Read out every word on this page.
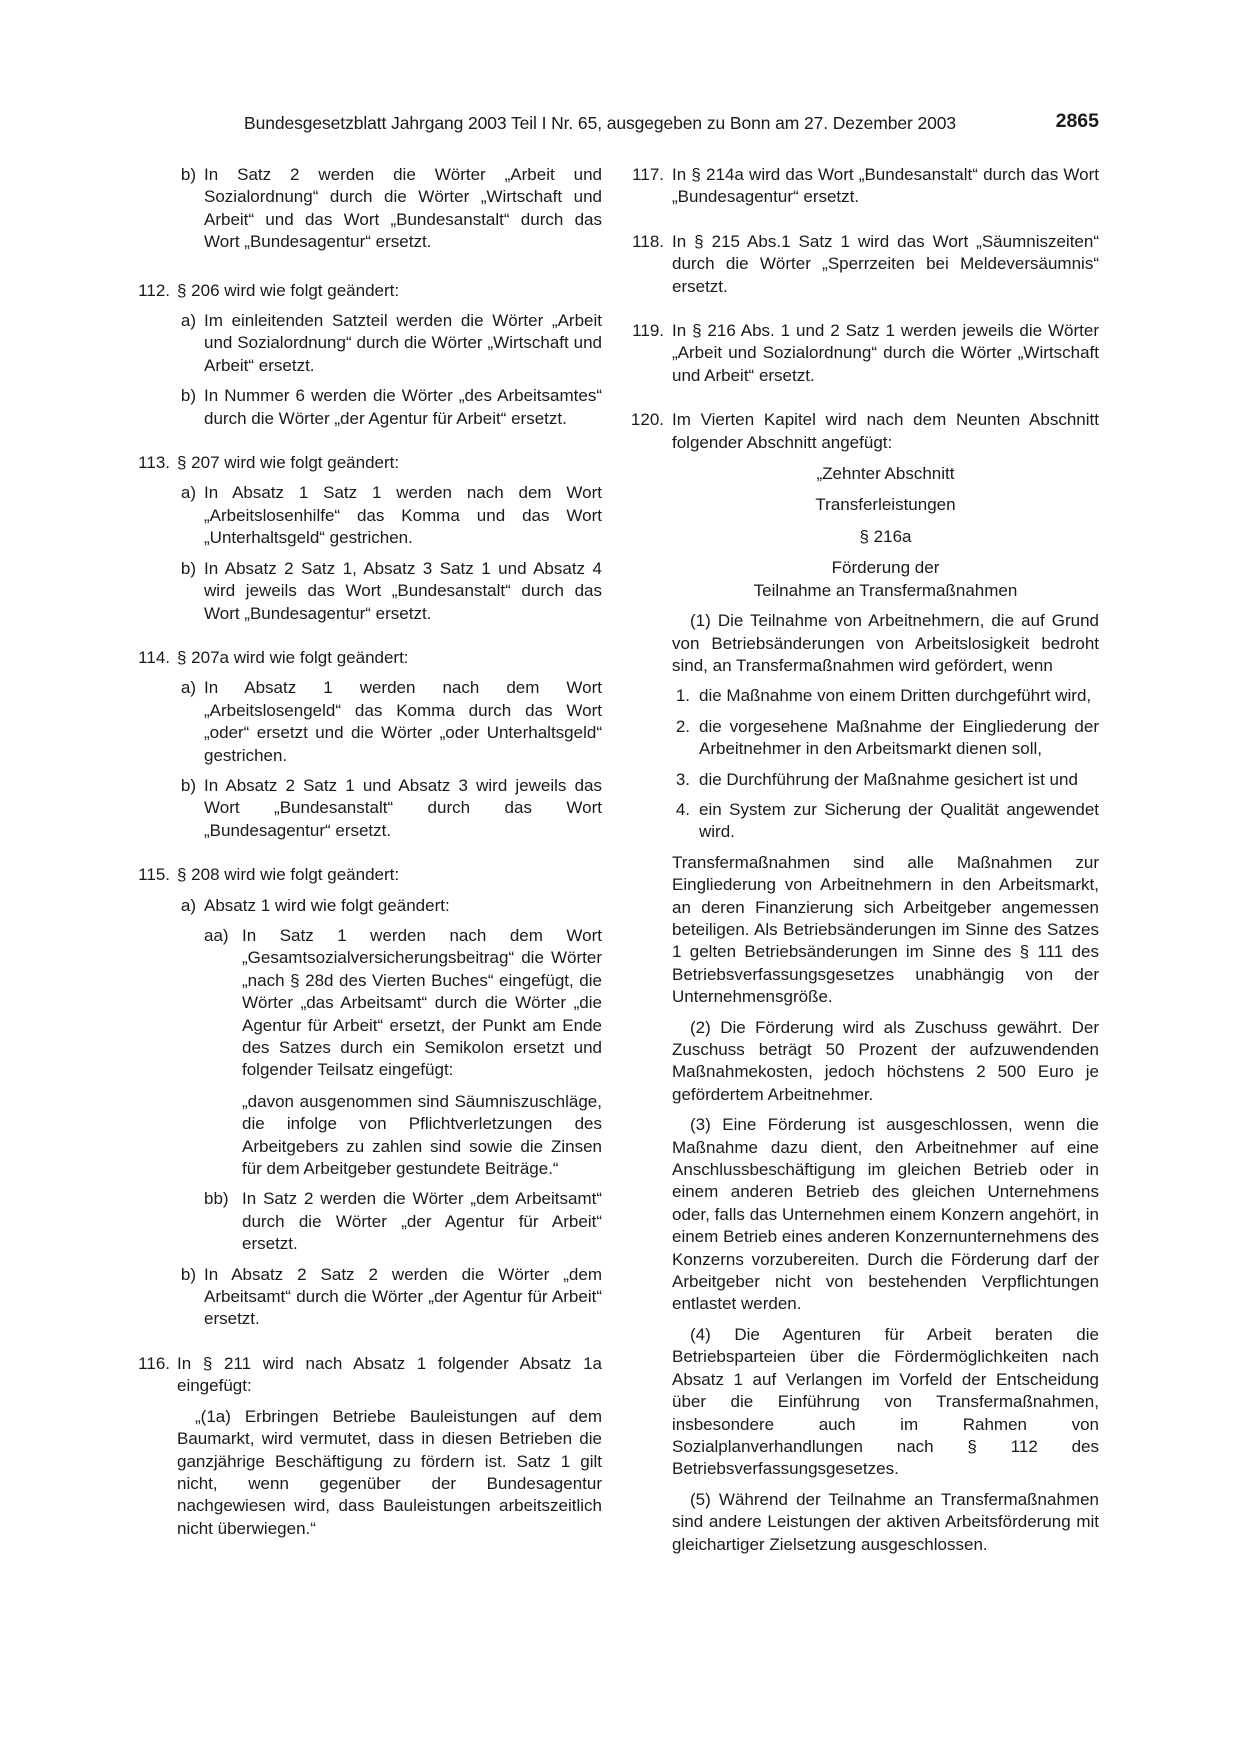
Bundesgesetzblatt Jahrgang 2003 Teil I Nr. 65, ausgegeben zu Bonn am 27. Dezember 2003	2865
b) In Satz 2 werden die Wörter „Arbeit und Sozialordnung“ durch die Wörter „Wirtschaft und Arbeit“ und das Wort „Bundesanstalt“ durch das Wort „Bundesagentur“ ersetzt.
112. § 206 wird wie folgt geändert:
a) Im einleitenden Satzteil werden die Wörter „Arbeit und Sozialordnung“ durch die Wörter „Wirtschaft und Arbeit“ ersetzt.
b) In Nummer 6 werden die Wörter „des Arbeitsamtes“ durch die Wörter „der Agentur für Arbeit“ ersetzt.
113. § 207 wird wie folgt geändert:
a) In Absatz 1 Satz 1 werden nach dem Wort „Arbeitslosenhilfe“ das Komma und das Wort „Unterhaltsgeld“ gestrichen.
b) In Absatz 2 Satz 1, Absatz 3 Satz 1 und Absatz 4 wird jeweils das Wort „Bundesanstalt“ durch das Wort „Bundesagentur“ ersetzt.
114. § 207a wird wie folgt geändert:
a) In Absatz 1 werden nach dem Wort „Arbeitslosengeld“ das Komma durch das Wort „oder“ ersetzt und die Wörter „oder Unterhaltsgeld“ gestrichen.
b) In Absatz 2 Satz 1 und Absatz 3 wird jeweils das Wort „Bundesanstalt“ durch das Wort „Bundesagentur“ ersetzt.
115. § 208 wird wie folgt geändert:
a) Absatz 1 wird wie folgt geändert:
aa) In Satz 1 werden nach dem Wort „Gesamtsozialversicherungsbeitrag“ die Wörter „nach § 28d des Vierten Buches“ eingefügt, die Wörter „das Arbeitsamt“ durch die Wörter „die Agentur für Arbeit“ ersetzt, der Punkt am Ende des Satzes durch ein Semikolon ersetzt und folgender Teilsatz eingefügt:
„davon ausgenommen sind Säumniszuschläge, die infolge von Pflichtverletzungen des Arbeitgebers zu zahlen sind sowie die Zinsen für dem Arbeitgeber gestundete Beiträge.“
bb) In Satz 2 werden die Wörter „dem Arbeitsamt“ durch die Wörter „der Agentur für Arbeit“ ersetzt.
b) In Absatz 2 Satz 2 werden die Wörter „dem Arbeitsamt“ durch die Wörter „der Agentur für Arbeit“ ersetzt.
116. In § 211 wird nach Absatz 1 folgender Absatz 1a eingefügt:
„(1a) Erbringen Betriebe Bauleistungen auf dem Baumarkt, wird vermutet, dass in diesen Betrieben die ganzjährige Beschäftigung zu fördern ist. Satz 1 gilt nicht, wenn gegenüber der Bundesagentur nachgewiesen wird, dass Bauleistungen arbeitszeitlich nicht überwiegen.“
117. In § 214a wird das Wort „Bundesanstalt“ durch das Wort „Bundesagentur“ ersetzt.
118. In § 215 Abs.1 Satz 1 wird das Wort „Säumniszeiten“ durch die Wörter „Sperrzeiten bei Meldeversäumnis“ ersetzt.
119. In § 216 Abs. 1 und 2 Satz 1 werden jeweils die Wörter „Arbeit und Sozialordnung“ durch die Wörter „Wirtschaft und Arbeit“ ersetzt.
120. Im Vierten Kapitel wird nach dem Neunten Abschnitt folgender Abschnitt angefügt:
„Zehnter Abschnitt
Transferleistungen
§ 216a
Förderung der
Teilnahme an Transfermaßnahmen
(1) Die Teilnahme von Arbeitnehmern, die auf Grund von Betriebsänderungen von Arbeitslosigkeit bedroht sind, an Transfermaßnahmen wird gefördert, wenn
1. die Maßnahme von einem Dritten durchgeführt wird,
2. die vorgesehene Maßnahme der Eingliederung der Arbeitnehmer in den Arbeitsmarkt dienen soll,
3. die Durchführung der Maßnahme gesichert ist und
4. ein System zur Sicherung der Qualität angewendet wird.
Transfermaßnahmen sind alle Maßnahmen zur Eingliederung von Arbeitnehmern in den Arbeitsmarkt, an deren Finanzierung sich Arbeitgeber angemessen beteiligen. Als Betriebsänderungen im Sinne des Satzes 1 gelten Betriebsänderungen im Sinne des § 111 des Betriebsverfassungsgesetzes unabhängig von der Unternehmensgröße.
(2) Die Förderung wird als Zuschuss gewährt. Der Zuschuss beträgt 50 Prozent der aufzuwendenden Maßnahmekosten, jedoch höchstens 2 500 Euro je gefördertem Arbeitnehmer.
(3) Eine Förderung ist ausgeschlossen, wenn die Maßnahme dazu dient, den Arbeitnehmer auf eine Anschlussbeschäftigung im gleichen Betrieb oder in einem anderen Betrieb des gleichen Unternehmens oder, falls das Unternehmen einem Konzern angehört, in einem Betrieb eines anderen Konzernunternehmens des Konzerns vorzubereiten. Durch die Förderung darf der Arbeitgeber nicht von bestehenden Verpflichtungen entlastet werden.
(4) Die Agenturen für Arbeit beraten die Betriebsparteien über die Fördermöglichkeiten nach Absatz 1 auf Verlangen im Vorfeld der Entscheidung über die Einführung von Transfermaßnahmen, insbesondere auch im Rahmen von Sozialplanverhandlungen nach § 112 des Betriebsverfassungsgesetzes.
(5) Während der Teilnahme an Transfermaßnahmen sind andere Leistungen der aktiven Arbeitsförderung mit gleichartiger Zielsetzung ausgeschlossen.
